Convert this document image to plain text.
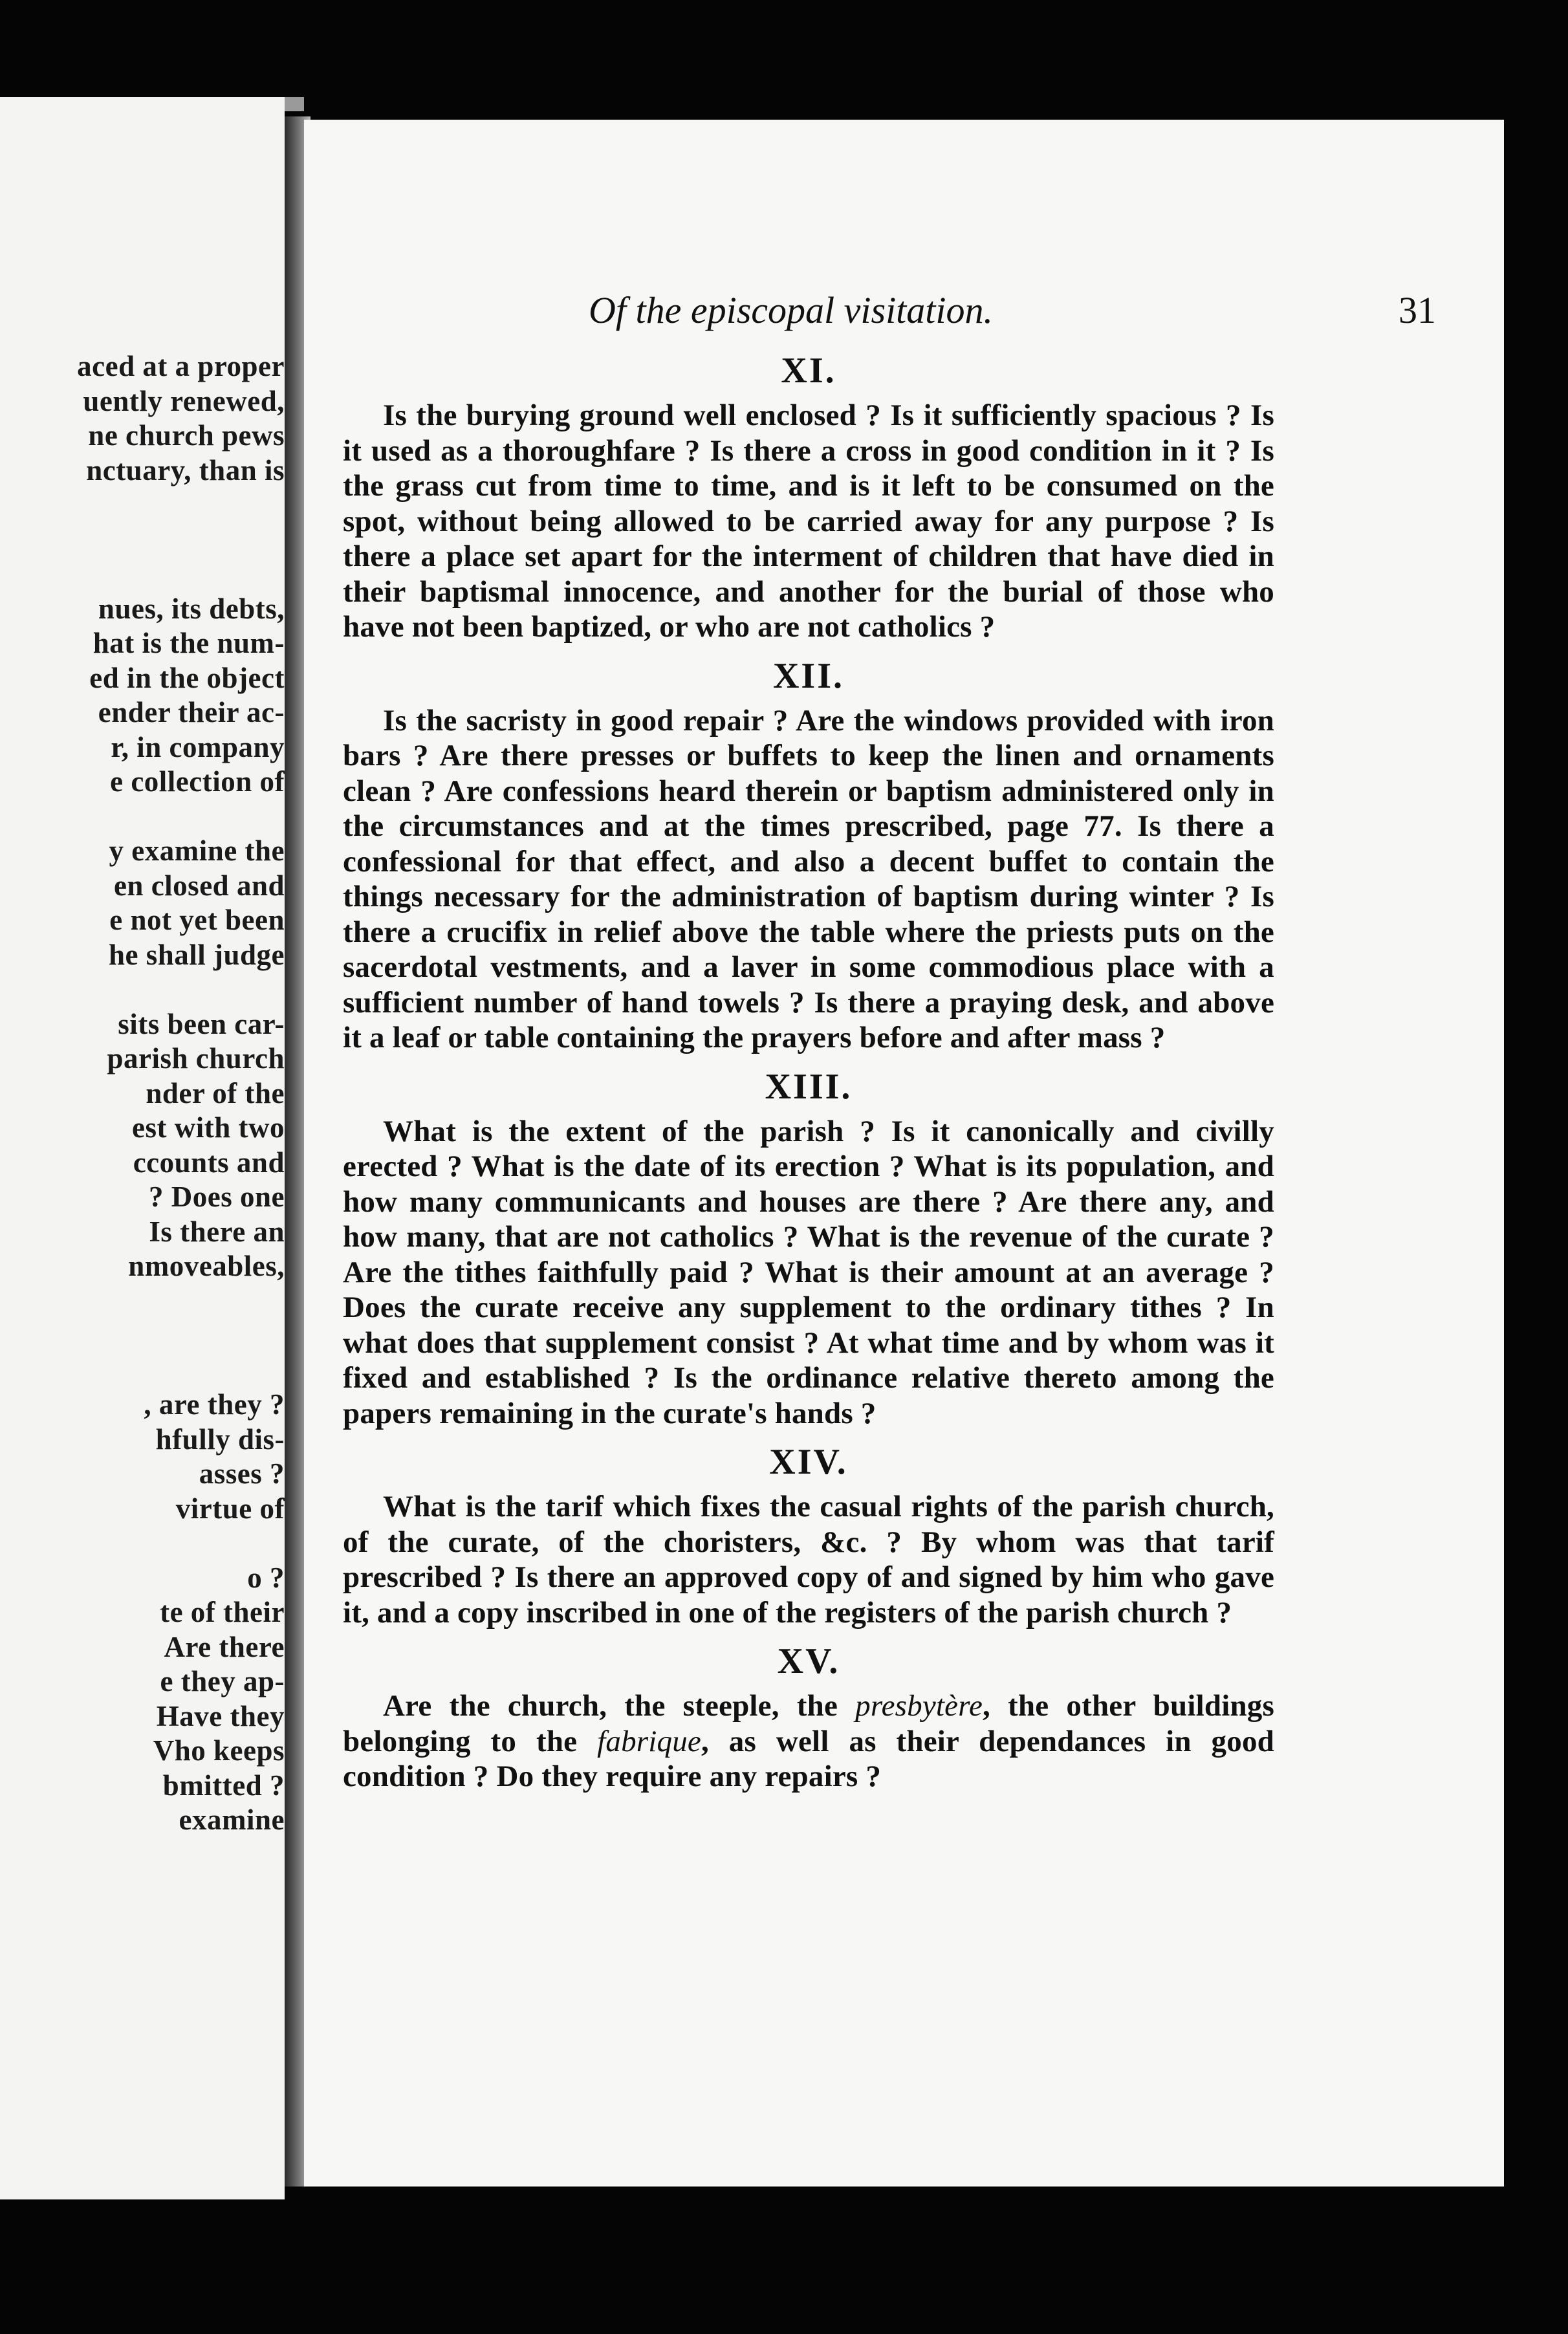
aced at a proper
uently renewed,
ne church pews
nctuary, than is
nues, its debts,
hat is the num-
ed in the object
ender their ac-
r, in company
e collection of
y examine the
en closed and
e not yet been
he shall judge
sits been car-
parish church
nder of the
est with two
ccounts and
? Does one
Is there an
nmoveables,
, are they ?
hfully dis-
asses ?
virtue of
o ?
te of their
Are there
e they ap-
Have they
Vho keeps
bmitted ?
examine
Of the episcopal visitation.	31
XI.

Is the burying ground well enclosed ? Is it sufficiently spacious ? Is it used as a thoroughfare ? Is there a cross in good condition in it ? Is the grass cut from time to time, and is it left to be consumed on the spot, without being allowed to be carried away for any purpose ? Is there a place set apart for the interment of children that have died in their baptismal innocence, and another for the burial of those who have not been baptized, or who are not catholics ?

XII.

Is the sacristy in good repair ? Are the windows provided with iron bars ? Are there presses or buffets to keep the linen and ornaments clean ? Are confessions heard therein or baptism administered only in the circumstances and at the times prescribed, page 77. Is there a confessional for that effect, and also a decent buffet to contain the things necessary for the administration of baptism during winter ? Is there a crucifix in relief above the table where the priests puts on the sacerdotal vestments, and a laver in some commodious place with a sufficient number of hand towels ? Is there a praying desk, and above it a leaf or table containing the prayers before and after mass ?

XIII.

What is the extent of the parish ? Is it canonically and civilly erected ? What is the date of its erection ? What is its population, and how many communicants and houses are there ? Are there any, and how many, that are not catholics ? What is the revenue of the curate ? Are the tithes faithfully paid ? What is their amount at an average ? Does the curate receive any supplement to the ordinary tithes ? In what does that supplement consist ? At what time and by whom was it fixed and established ? Is the ordinance relative thereto among the papers remaining in the curate's hands ?

XIV.

What is the tarif which fixes the casual rights of the parish church, of the curate, of the choristers, &c. ? By whom was that tarif prescribed ? Is there an approved copy of and signed by him who gave it, and a copy inscribed in one of the registers of the parish church ?

XV.

Are the church, the steeple, the presbytère, the other buildings belonging to the fabrique, as well as their dependances in good condition ? Do they require any repairs ?
